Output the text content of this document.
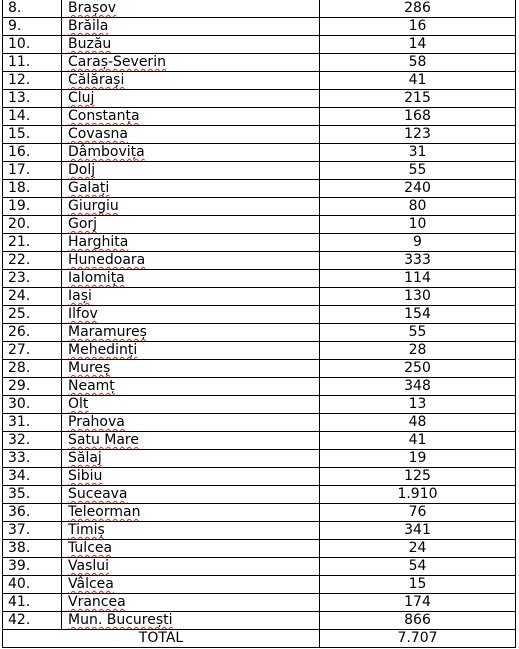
8.	Brașov	286
9.	Brăila	16
10.	Buzău	14
11.	Caraș-Severin	58
12.	Călărași	41
13.	Cluj	215
14.	Constanța	168
15.	Covasna	123
16.	Dâmbovița	31
17.	Dolj	55
18.	Galați	240
19.	Giurgiu	80
20.	Gorj	10
21.	Harghita	9
22.	Hunedoara	333
23.	Ialomița	114
24.	Iași	130
25.	Ilfov	154
26.	Maramureș	55
27.	Mehedinți	28
28.	Mureș	250
29.	Neamț	348
30.	Olt	13
31.	Prahova	48
32.	Satu Mare	41
33.	Sălaj	19
34.	Sibiu	125
35.	Suceava	1.910
36.	Teleorman	76
37.	Timiș	341
38.	Tulcea	24
39.	Vaslui	54
40.	Vâlcea	15
41.	Vrancea	174
42.	Mun. București	866
TOTAL		7.707
